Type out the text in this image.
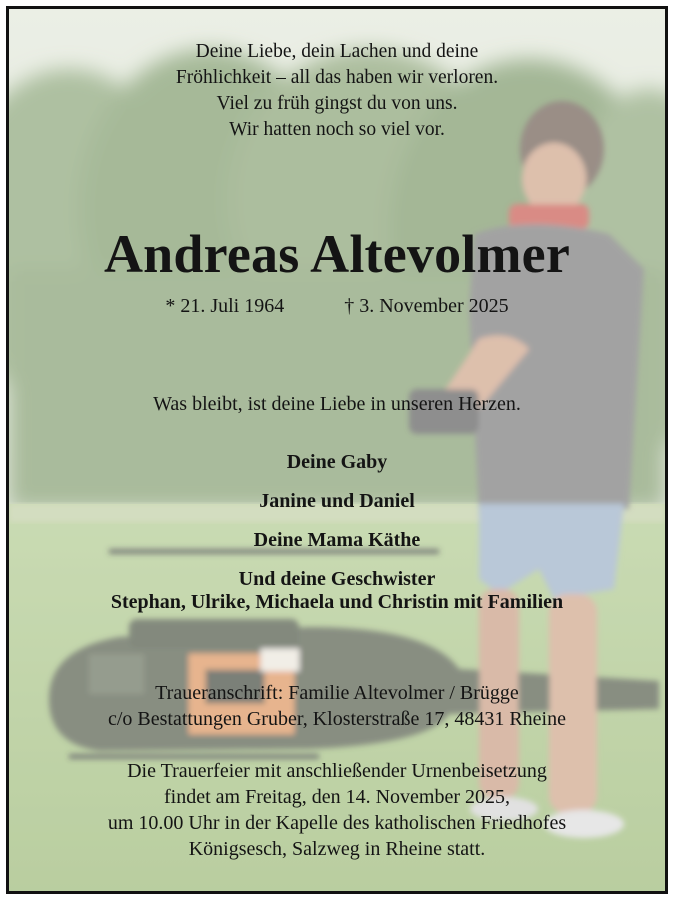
Deine Liebe, dein Lachen und deine
Fröhlichkeit – all das haben wir verloren.
Viel zu früh gingst du von uns.
Wir hatten noch so viel vor.
Andreas Altevolmer
* 21. Juli 1964	† 3. November 2025
Was bleibt, ist deine Liebe in unseren Herzen.
Deine Gaby
Janine und Daniel
Deine Mama Käthe
Und deine Geschwister
Stephan, Ulrike, Michaela und Christin mit Familien
Traueranschrift: Familie Altevolmer / Brügge
c/o Bestattungen Gruber, Klosterstraße 17, 48431 Rheine
Die Trauerfeier mit anschließender Urnenbeisetzung
findet am Freitag, den 14. November 2025,
um 10.00 Uhr in der Kapelle des katholischen Friedhofes
Königsesch, Salzweg in Rheine statt.
